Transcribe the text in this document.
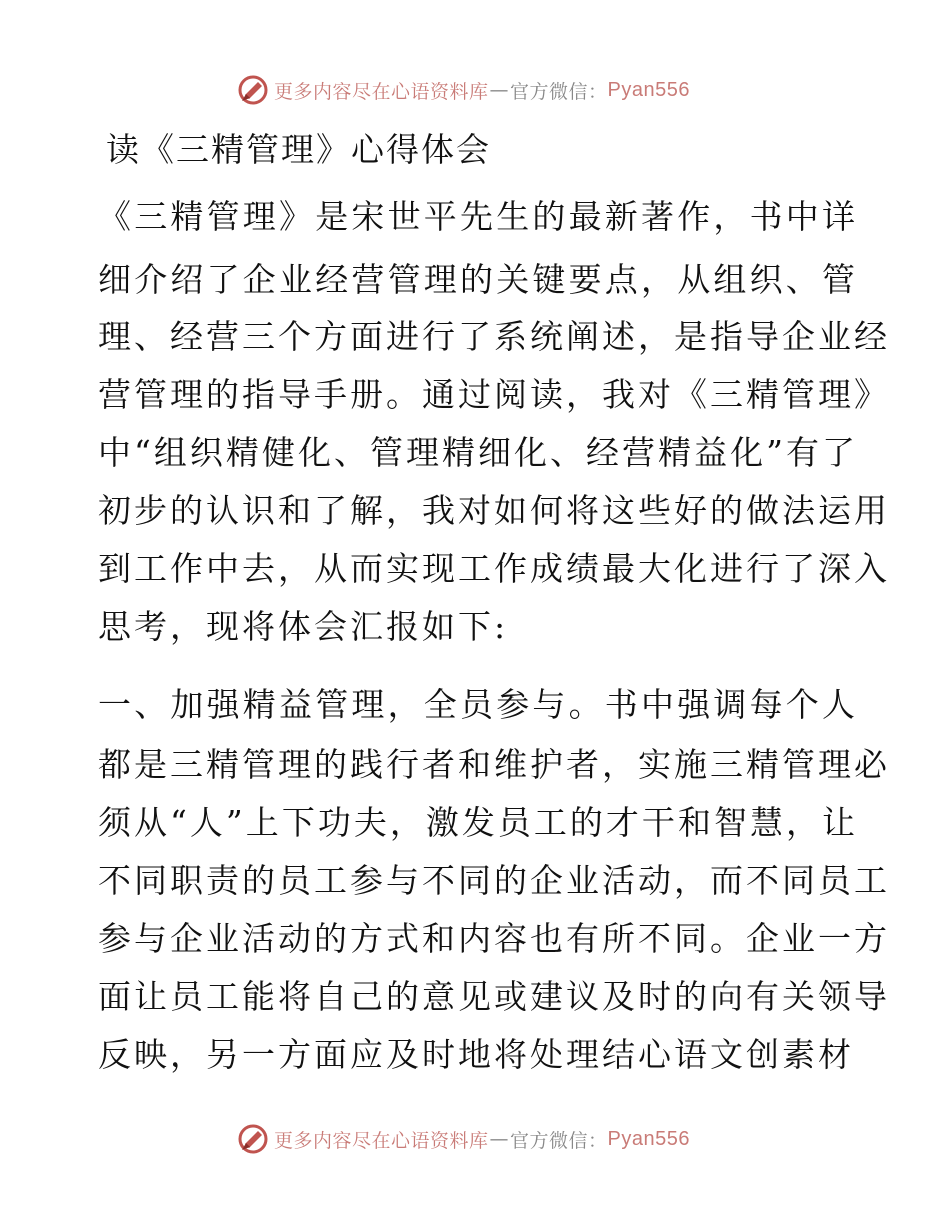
更多内容尽在心语资料库 — 官方微信： Pyan556
读《三精管理》心得体会
《三精管理》是宋世平先生的最新著作，书中详
细介绍了企业经营管理的关键要点，从组织、管
理、经营三个方面进行了系统阐述，是指导企业经
营管理的指导手册。通过阅读，我对《三精管理》
中“组织精健化、管理精细化、经营精益化”有了
初步的认识和了解，我对如何将这些好的做法运用
到工作中去，从而实现工作成绩最大化进行了深入
思考，现将体会汇报如下:
一、加强精益管理，全员参与。书中强调每个人
都是三精管理的践行者和维护者，实施三精管理必
须从“人”上下功夫，激发员工的才干和智慧，让
不同职责的员工参与不同的企业活动，而不同员工
参与企业活动的方式和内容也有所不同。企业一方
面让员工能将自己的意见或建议及时的向有关领导
反映，另一方面应及时地将处理结心语文创素材
更多内容尽在心语资料库 — 官方微信： Pyan556
